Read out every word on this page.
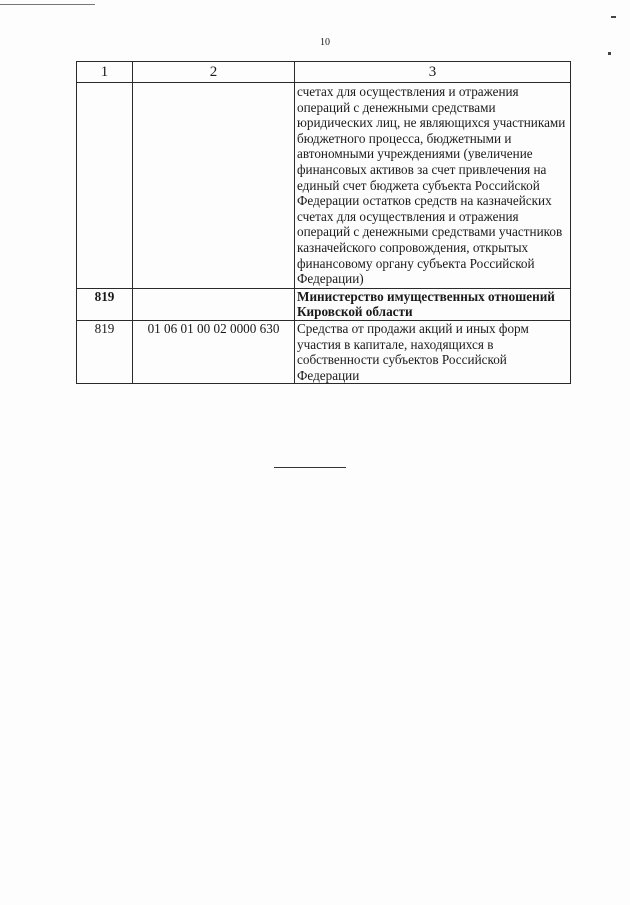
10
1	2	3
		счетах для осуществления и отражения операций с денежными средствами юридических лиц, не являющихся участниками бюджетного процесса, бюджетными и автономными учреждениями (увеличение финансовых активов за счет привлечения на единый счет бюджета субъекта Российской Федерации остатков средств на казначейских счетах для осуществления и отражения операций с денежными средствами участников казначейского сопровождения, открытых финансовому органу субъекта Российской Федерации)
819		Министерство имущественных отношений Кировской области
819	01 06 01 00 02 0000 630	Средства от продажи акций и иных форм участия в капитале, находящихся в собственности субъектов Российской Федерации
